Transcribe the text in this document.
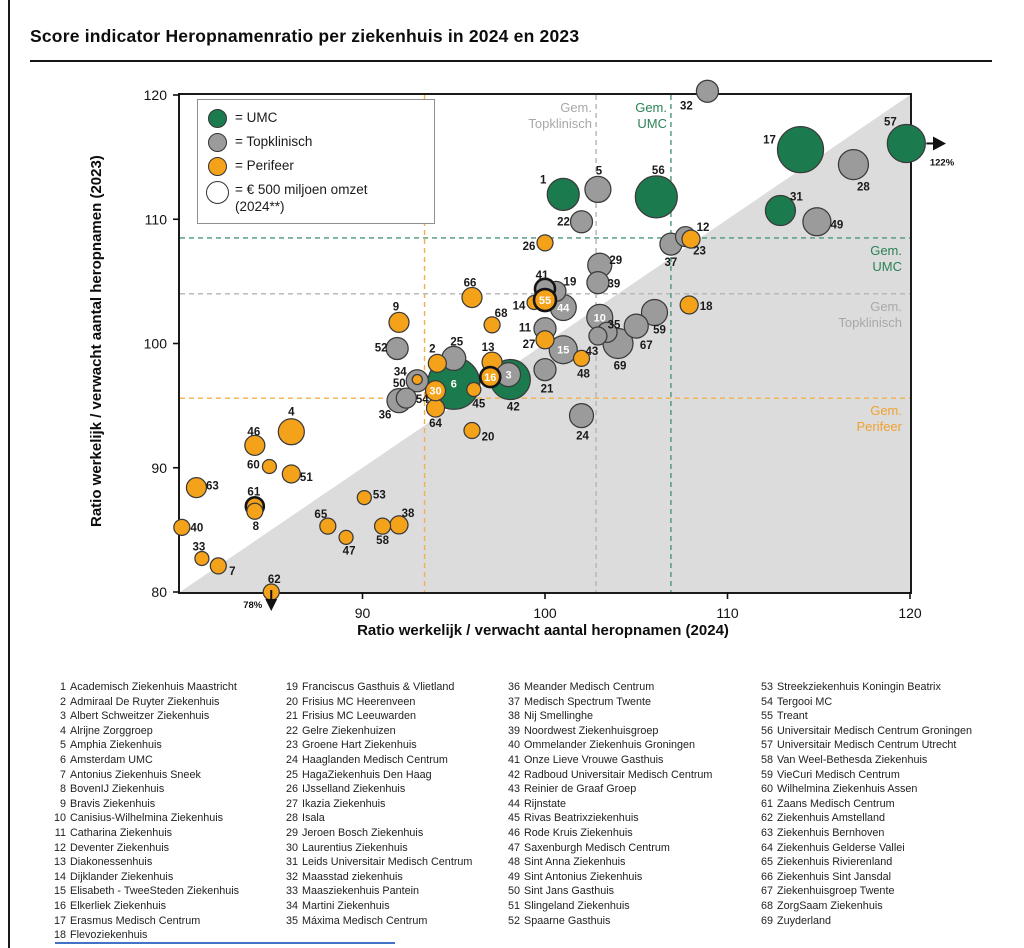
Score indicator Heropnamenratio per ziekenhuis in 2024 en 2023
Ratio werkelijk / verwacht aantal heropnamen (2023)
90	100	110	120
120
110
100
90
80
6
17
56
42
57
1
28
31
69
15
49
4
5
10
44
59
24
25
29
36
67
11
21
22
32
37
39
50
52
9
13
19
23
35
41
46
54
63
66
2
18
27
38
43
51
61
64
7
20
26
40
48
58
62
65
68
14
33
45
47
53
60
3
16
30
12
8
34
55
122%
78%
= UMC
= Topklinisch
= Perifeer
= € 500 miljoen omzet (2024**)
Gem.
Topklinisch
Gem.
UMC
Gem.
UMC
Gem.
Topklinisch
Gem.
Perifeer
Ratio werkelijk / verwacht aantal heropnamen (2024)
1 Academisch Ziekenhuis Maastricht
2 Admiraal De Ruyter Ziekenhuis
3 Albert Schweitzer Ziekenhuis
4 Alrijne Zorggroep
5 Amphia Ziekenhuis
6 Amsterdam UMC
7 Antonius Ziekenhuis Sneek
8 BovenIJ Ziekenhuis
9 Bravis Ziekenhuis
10 Canisius-Wilhelmina Ziekenhuis
11 Catharina Ziekenhuis
12 Deventer Ziekenhuis
13 Diakonessenhuis
14 Dijklander Ziekenhuis
15 Elisabeth - TweeSteden Ziekenhuis
16 Elkerliek Ziekenhuis
17 Erasmus Medisch Centrum
18 Flevoziekenhuis
19 Franciscus Gasthuis & Vlietland
20 Frisius MC Heerenveen
21 Frisius MC Leeuwarden
22 Gelre Ziekenhuizen
23 Groene Hart Ziekenhuis
24 Haaglanden Medisch Centrum
25 HagaZiekenhuis Den Haag
26 IJsselland Ziekenhuis
27 Ikazia Ziekenhuis
28 Isala
29 Jeroen Bosch Ziekenhuis
30 Laurentius Ziekenhuis
31 Leids Universitair Medisch Centrum
32 Maasstad ziekenhuis
33 Maasziekenhuis Pantein
34 Martini Ziekenhuis
35 Máxima Medisch Centrum
36 Meander Medisch Centrum
37 Medisch Spectrum Twente
38 Nij Smellinghe
39 Noordwest Ziekenhuisgroep
40 Ommelander Ziekenhuis Groningen
41 Onze Lieve Vrouwe Gasthuis
42 Radboud Universitair Medisch Centrum
43 Reinier de Graaf Groep
44 Rijnstate
45 Rivas Beatrixziekenhuis
46 Rode Kruis Ziekenhuis
47 Saxenburgh Medisch Centrum
48 Sint Anna Ziekenhuis
49 Sint Antonius Ziekenhuis
50 Sint Jans Gasthuis
51 Slingeland Ziekenhuis
52 Spaarne Gasthuis
53 Streekziekenhuis Koningin Beatrix
54 Tergooi MC
55 Treant
56 Universitair Medisch Centrum Groningen
57 Universitair Medisch Centrum Utrecht
58 Van Weel-Bethesda Ziekenhuis
59 VieCuri Medisch Centrum
60 Wilhelmina Ziekenhuis Assen
61 Zaans Medisch Centrum
62 Ziekenhuis Amstelland
63 Ziekenhuis Bernhoven
64 Ziekenhuis Gelderse Vallei
65 Ziekenhuis Rivierenland
66 Ziekenhuis Sint Jansdal
67 Ziekenhuisgroep Twente
68 ZorgSaam Ziekenhuis
69 Zuyderland
